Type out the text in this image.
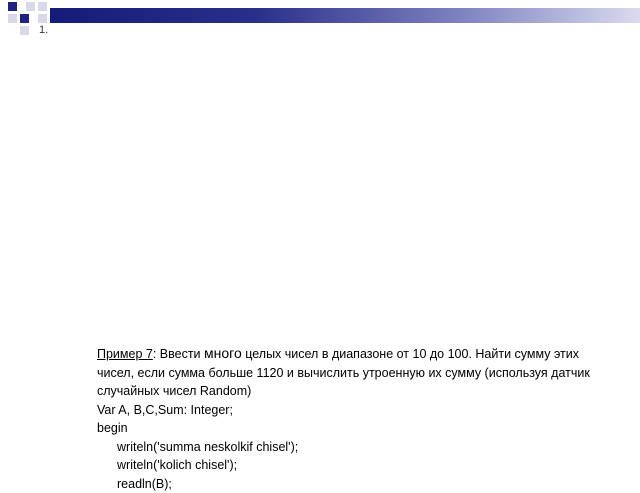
1.

Пример 7: Ввести много целых чисел в диапазоне от 10 до 100. Найти сумму этих чисел, если сумма больше 1120 и вычислить утроенную их сумму (используя датчик случайных чисел Random)

Var A, B,C,Sum: Integer;

begin

writeln('summa neskolkif chisel');

writeln('kolich chisel');

readln(B);
